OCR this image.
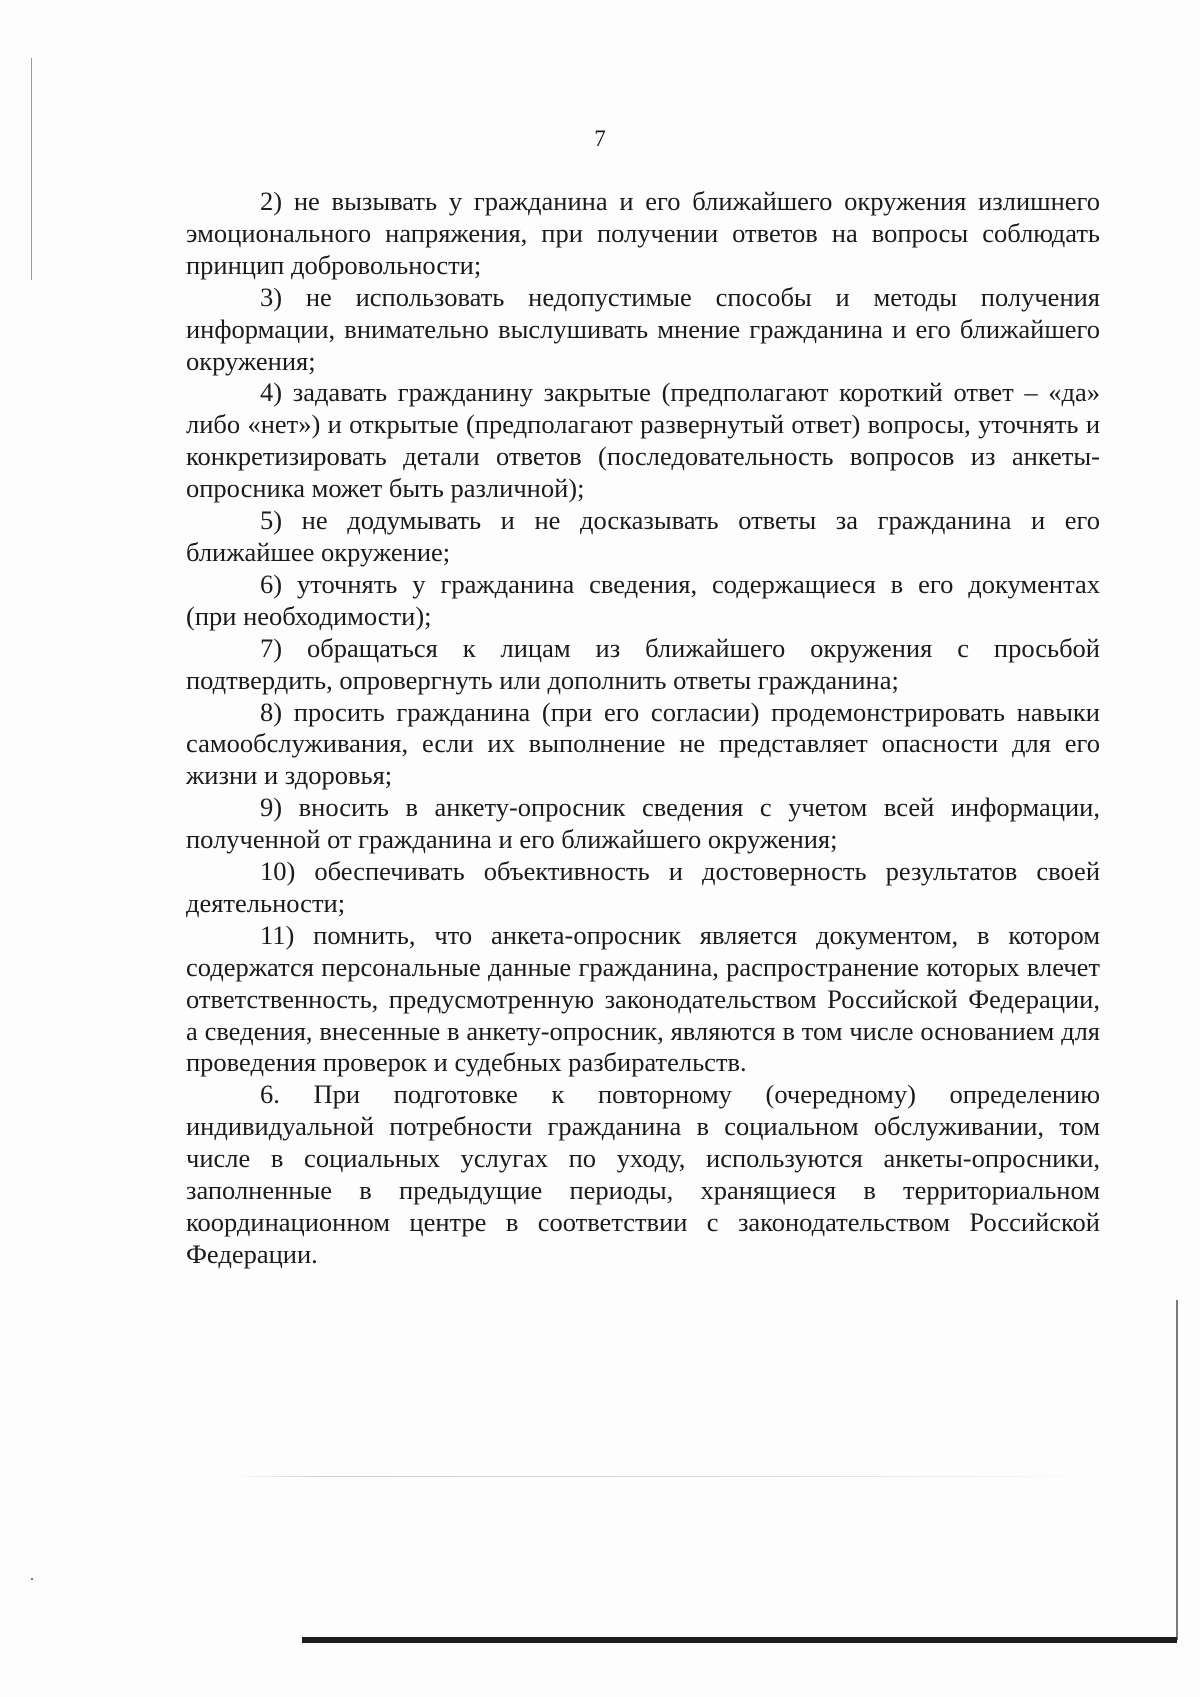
7

2) не вызывать у гражданина и его ближайшего окружения излишнего эмоционального напряжения, при получении ответов на вопросы соблюдать принцип добровольности;

3) не использовать недопустимые способы и методы получения информации, внимательно выслушивать мнение гражданина и его ближайшего окружения;

4) задавать гражданину закрытые (предполагают короткий ответ – «да» либо «нет») и открытые (предполагают развернутый ответ) вопросы, уточнять и конкретизировать детали ответов (последовательность вопросов из анкеты-опросника может быть различной);

5) не додумывать и не досказывать ответы за гражданина и его ближайшее окружение;

6) уточнять у гражданина сведения, содержащиеся в его документах

(при необходимости);

7) обращаться к лицам из ближайшего окружения с просьбой подтвердить, опровергнуть или дополнить ответы гражданина;

8) просить гражданина (при его согласии) продемонстрировать навыки самообслуживания, если их выполнение не представляет опасности для его жизни и здоровья;

9) вносить в анкету-опросник сведения с учетом всей информации, полученной от гражданина и его ближайшего окружения;

10) обеспечивать объективность и достоверность результатов своей деятельности;

11) помнить, что анкета-опросник является документом, в котором содержатся персональные данные гражданина, распространение которых влечет ответственность, предусмотренную законодательством Российской Федерации, а сведения, внесенные в анкету-опросник, являются в том числе основанием для проведения проверок и судебных разбирательств.

6. При подготовке к повторному (очередному) определению индивидуальной потребности гражданина в социальном обслуживании, том числе в социальных услугах по уходу, используются анкеты-опросники, заполненные в предыдущие периоды, хранящиеся в территориальном координационном центре в соответствии с законодательством Российской Федерации.
